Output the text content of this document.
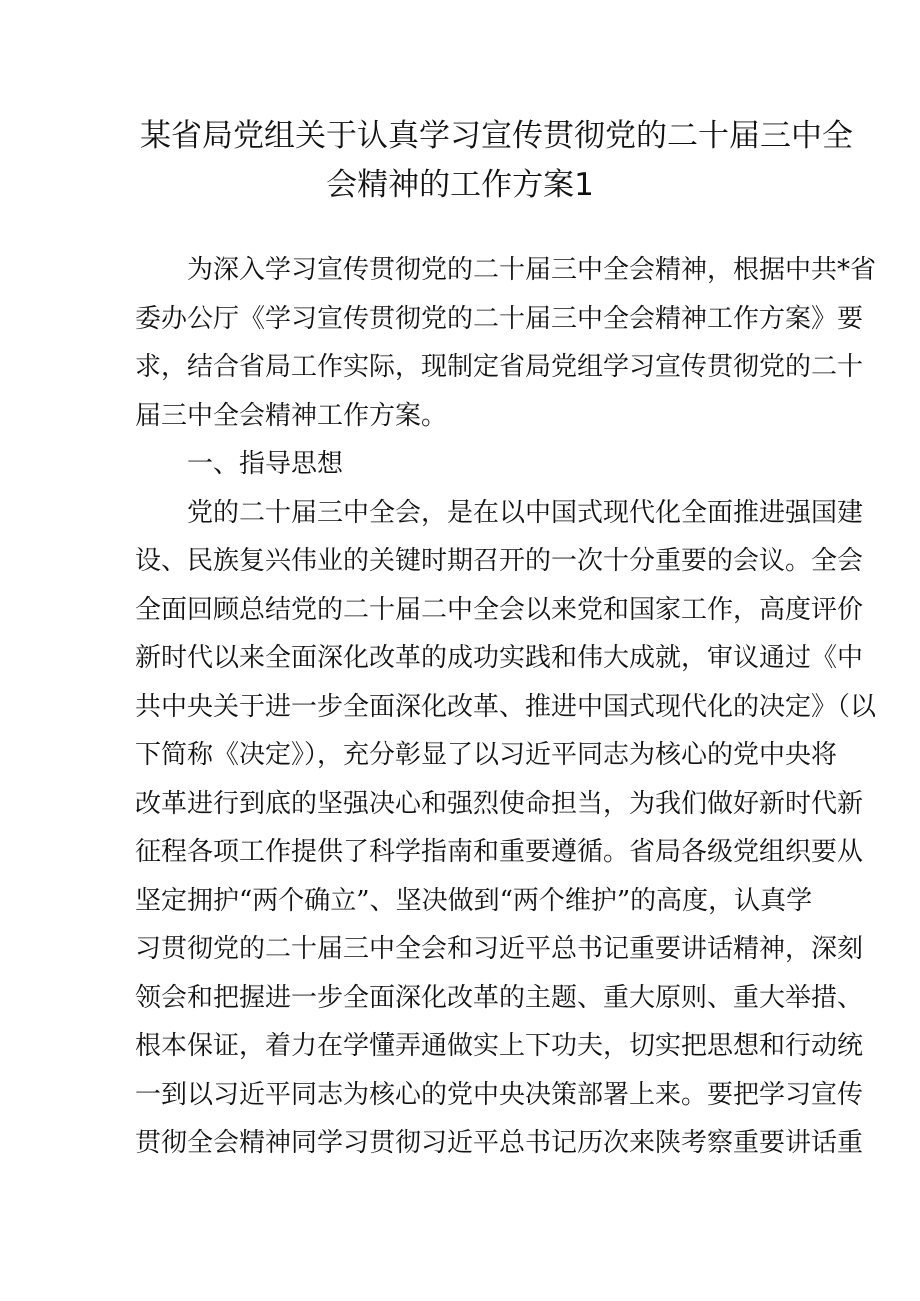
某省局党组关于认真学习宣传贯彻党的二十届三中全
会精神的工作方案1
为深入学习宣传贯彻党的二十届三中全会精神，根据中共*省
委办公厅《学习宣传贯彻党的二十届三中全会精神工作方案》要
求，结合省局工作实际，现制定省局党组学习宣传贯彻党的二十
届三中全会精神工作方案。
一、指导思想
党的二十届三中全会，是在以中国式现代化全面推进强国建
设、民族复兴伟业的关键时期召开的一次十分重要的会议。全会
全面回顾总结党的二十届二中全会以来党和国家工作，高度评价
新时代以来全面深化改革的成功实践和伟大成就，审议通过《中
共中央关于进一步全面深化改革、推进中国式现代化的决定》（以
下简称《决定》），充分彰显了以习近平同志为核心的党中央将
改革进行到底的坚强决心和强烈使命担当，为我们做好新时代新
征程各项工作提供了科学指南和重要遵循。省局各级党组织要从
坚定拥护“两个确立”、坚决做到“两个维护”的高度，认真学
习贯彻党的二十届三中全会和习近平总书记重要讲话精神，深刻
领会和把握进一步全面深化改革的主题、重大原则、重大举措、
根本保证，着力在学懂弄通做实上下功夫，切实把思想和行动统
一到以习近平同志为核心的党中央决策部署上来。要把学习宣传
贯彻全会精神同学习贯彻习近平总书记历次来陕考察重要讲话重
